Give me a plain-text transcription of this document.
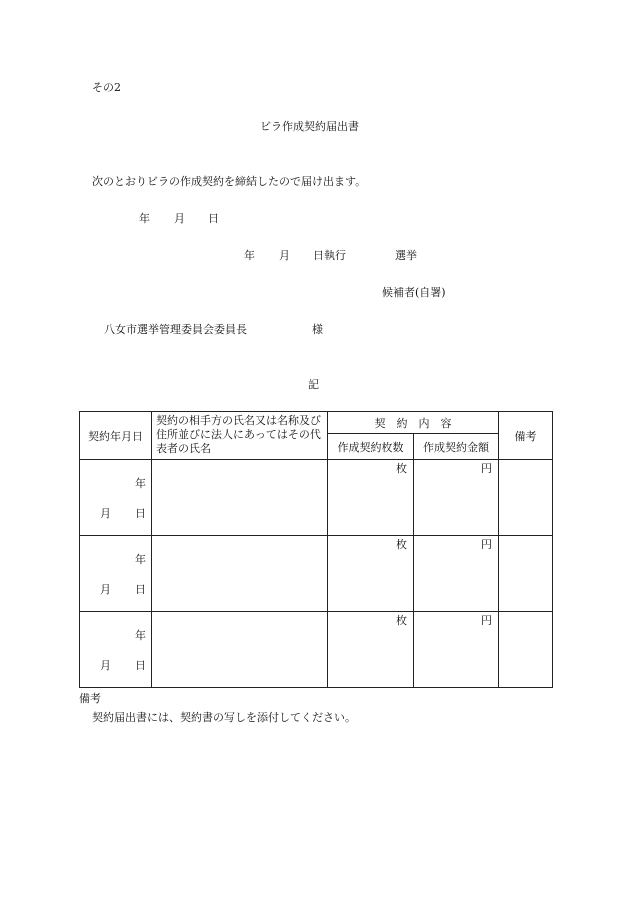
その2
ビラ作成契約届出書
次のとおりビラの作成契約を締結したので届け出ます。
年 月 日
年 月 日執行	選挙
候補者(自署)
八女市選挙管理委員会委員長	様
記
契約年月日	契約の相手方の氏名又は名称及び住所並びに法人にあってはその代表者の氏名	契　約　内　容		備考
		作成契約枚数	作成契約金額	

年
月 日		枚	円	

年
月 日		枚	円	

年
月 日		枚	円	

備考
契約届出書には、契約書の写しを添付してください。
